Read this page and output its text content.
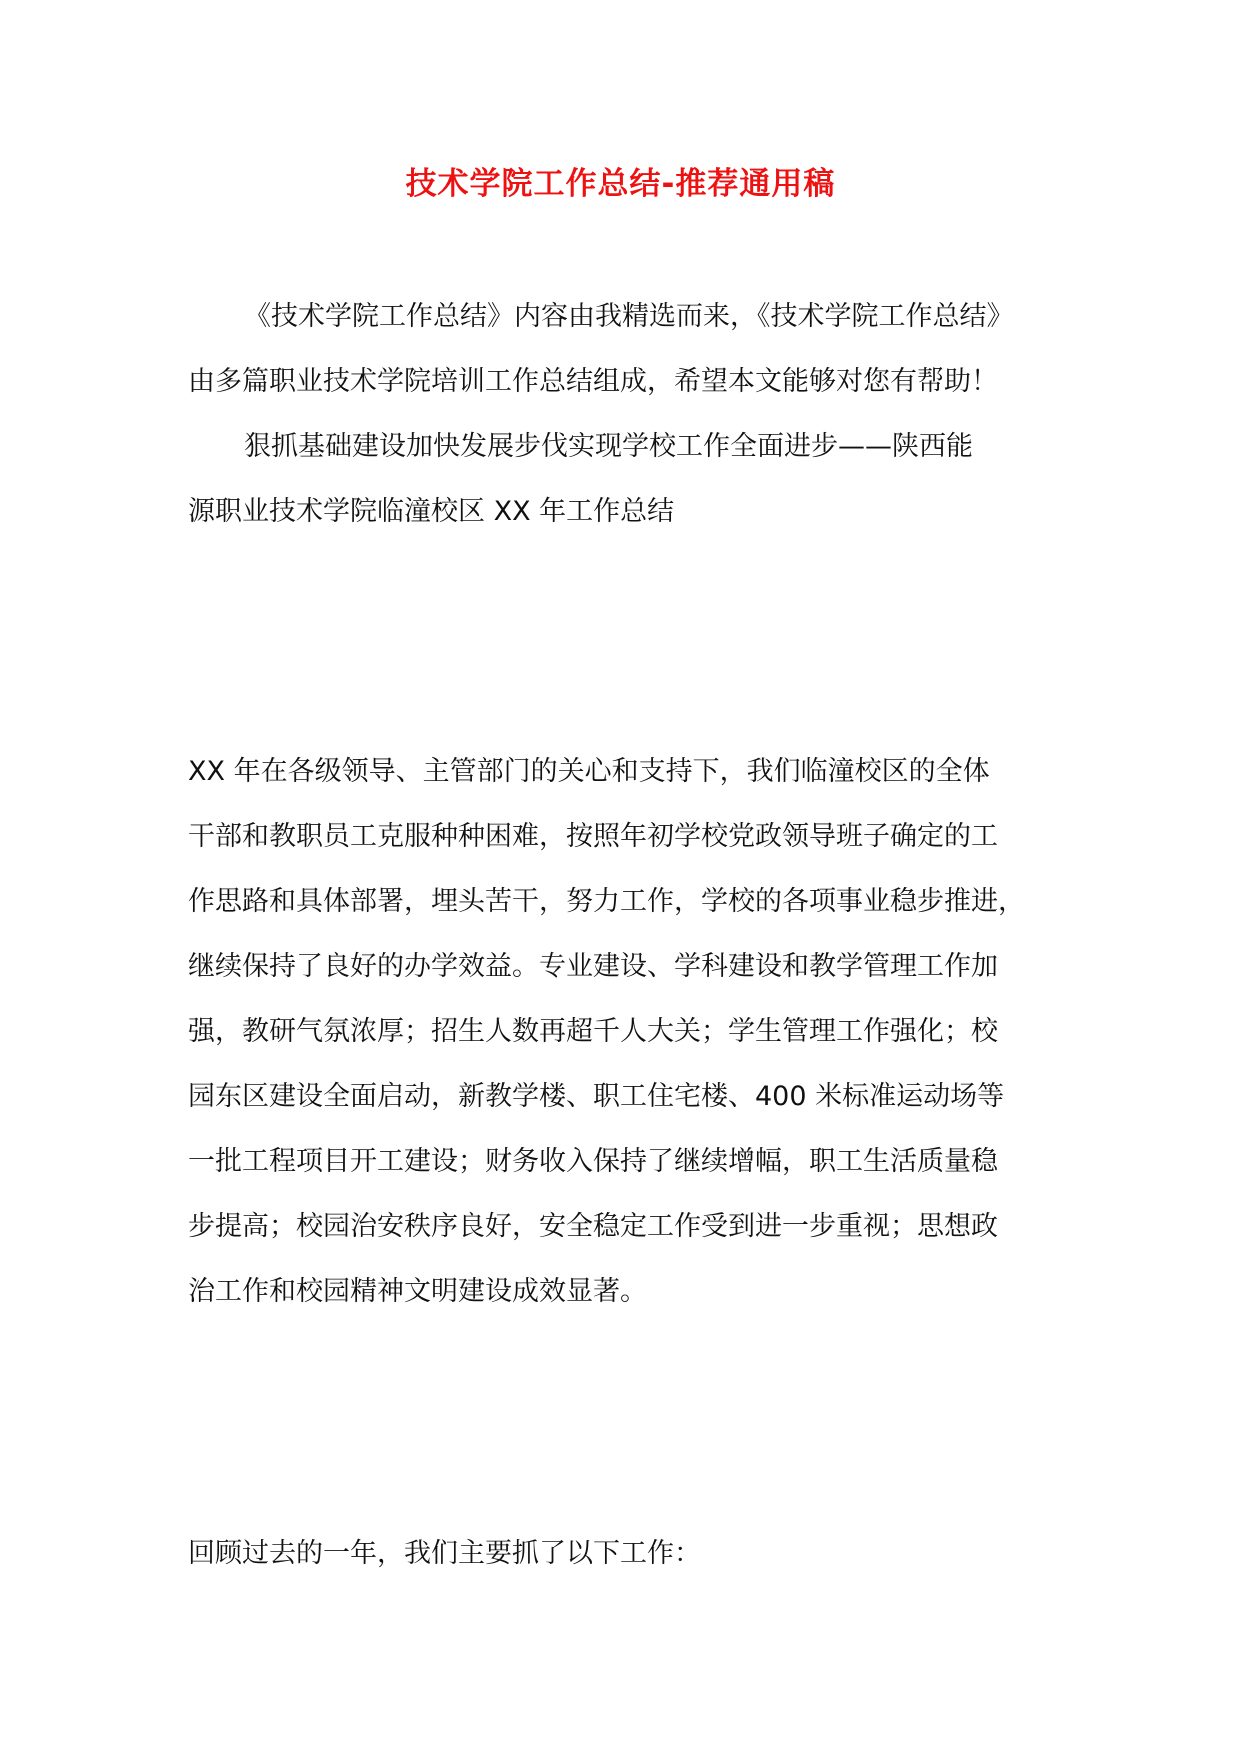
技术学院工作总结-推荐通用稿
《技术学院工作总结》内容由我精选而来，《技术学院工作总结》
由多篇职业技术学院培训工作总结组成，希望本文能够对您有帮助！
狠抓基础建设加快发展步伐实现学校工作全面进步——陕西能
源职业技术学院临潼校区 XX 年工作总结
XX 年在各级领导、主管部门的关心和支持下，我们临潼校区的全体
干部和教职员工克服种种困难，按照年初学校党政领导班子确定的工
作思路和具体部署，埋头苦干，努力工作，学校的各项事业稳步推进，
继续保持了良好的办学效益。专业建设、学科建设和教学管理工作加
强，教研气氛浓厚；招生人数再超千人大关；学生管理工作强化；校
园东区建设全面启动，新教学楼、职工住宅楼、400 米标准运动场等
一批工程项目开工建设；财务收入保持了继续增幅，职工生活质量稳
步提高；校园治安秩序良好，安全稳定工作受到进一步重视；思想政
治工作和校园精神文明建设成效显著。
回顾过去的一年，我们主要抓了以下工作：
